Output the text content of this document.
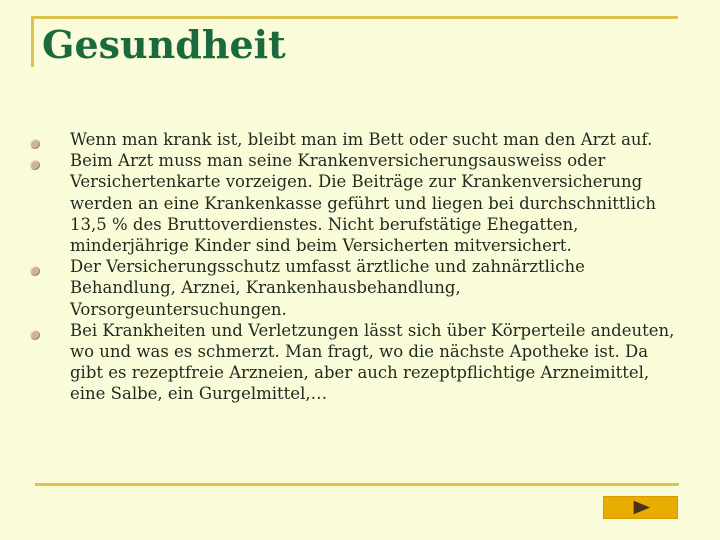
Gesundheit
Wenn man krank ist, bleibt man im Bett oder sucht man den Arzt auf.
Beim Arzt muss man seine Krankenversicherungsausweiss oder Versichertenkarte vorzeigen. Die Beiträge zur Krankenversicherung werden an eine Krankenkasse geführt und liegen bei durchschnittlich 13,5 % des Bruttoverdienstes. Nicht berufstätige Ehegatten, minderjährige Kinder sind beim Versicherten mitversichert.
Der Versicherungsschutz umfasst ärztliche und zahnärztliche Behandlung, Arznei, Krankenhausbehandlung, Vorsorgeuntersuchungen.
Bei Krankheiten und Verletzungen lässt sich über Körperteile andeuten, wo und was es schmerzt. Man fragt, wo die nächste Apotheke ist. Da gibt es rezeptfreie Arzneien, aber auch rezeptpflichtige Arzneimittel, eine Salbe, ein Gurgelmittel,…
